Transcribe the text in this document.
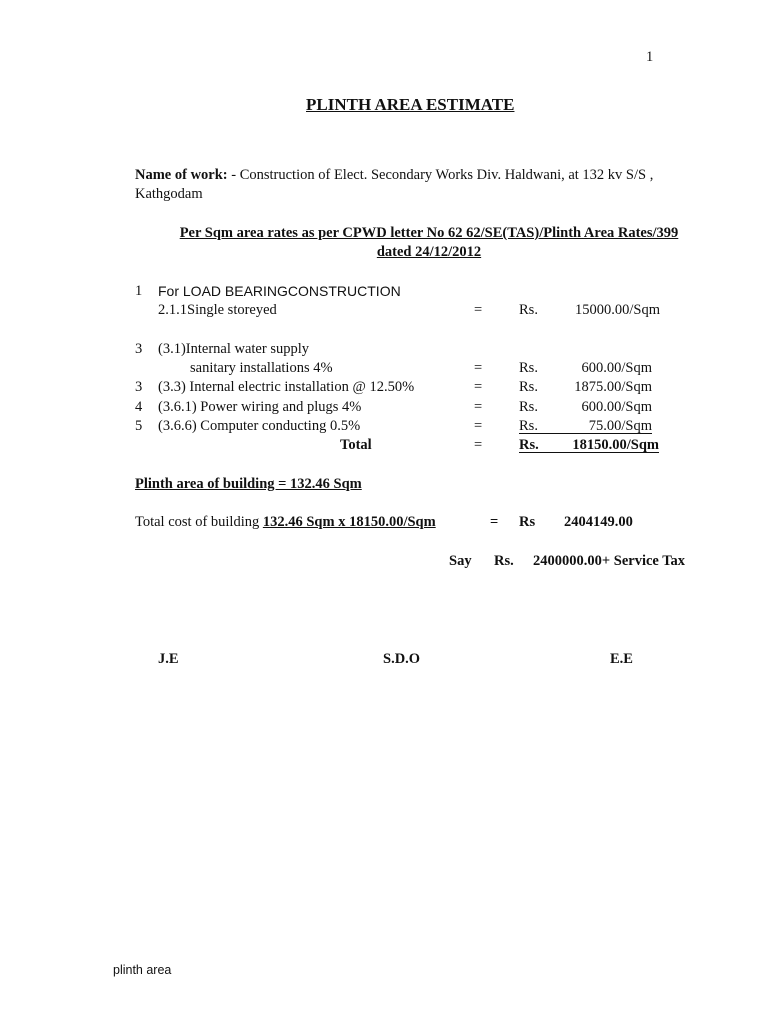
1
PLINTH AREA ESTIMATE
Name of work: - Construction of Elect. Secondary Works Div. Haldwani, at 132 kv S/S ,
Kathgodam
Per Sqm area rates as per CPWD letter No 62 62/SE(TAS)/Plinth Area Rates/399
dated 24/12/2012
1 For LOAD BEARINGCONSTRUCTION
2.1.1Single storeyed	=	Rs.	15000.00/Sqm
3 (3.1)Internal water supply
sanitary installations 4%	=	Rs.	600.00/Sqm
3 (3.3) Internal electric installation @ 12.50%	=	Rs.	1875.00/Sqm
4 (3.6.1) Power wiring and plugs 4%	=	Rs.	600.00/Sqm
5 (3.6.6) Computer conducting 0.5%	=	Rs.	75.00/Sqm
Total	=	Rs. 18150.00/Sqm
Plinth area of building = 132.46 Sqm
Total cost of building 132.46 Sqm x 18150.00/Sqm	= Rs 2404149.00
Say Rs. 2400000.00+ Service Tax
J.E	S.D.O	E.E
plinth area
